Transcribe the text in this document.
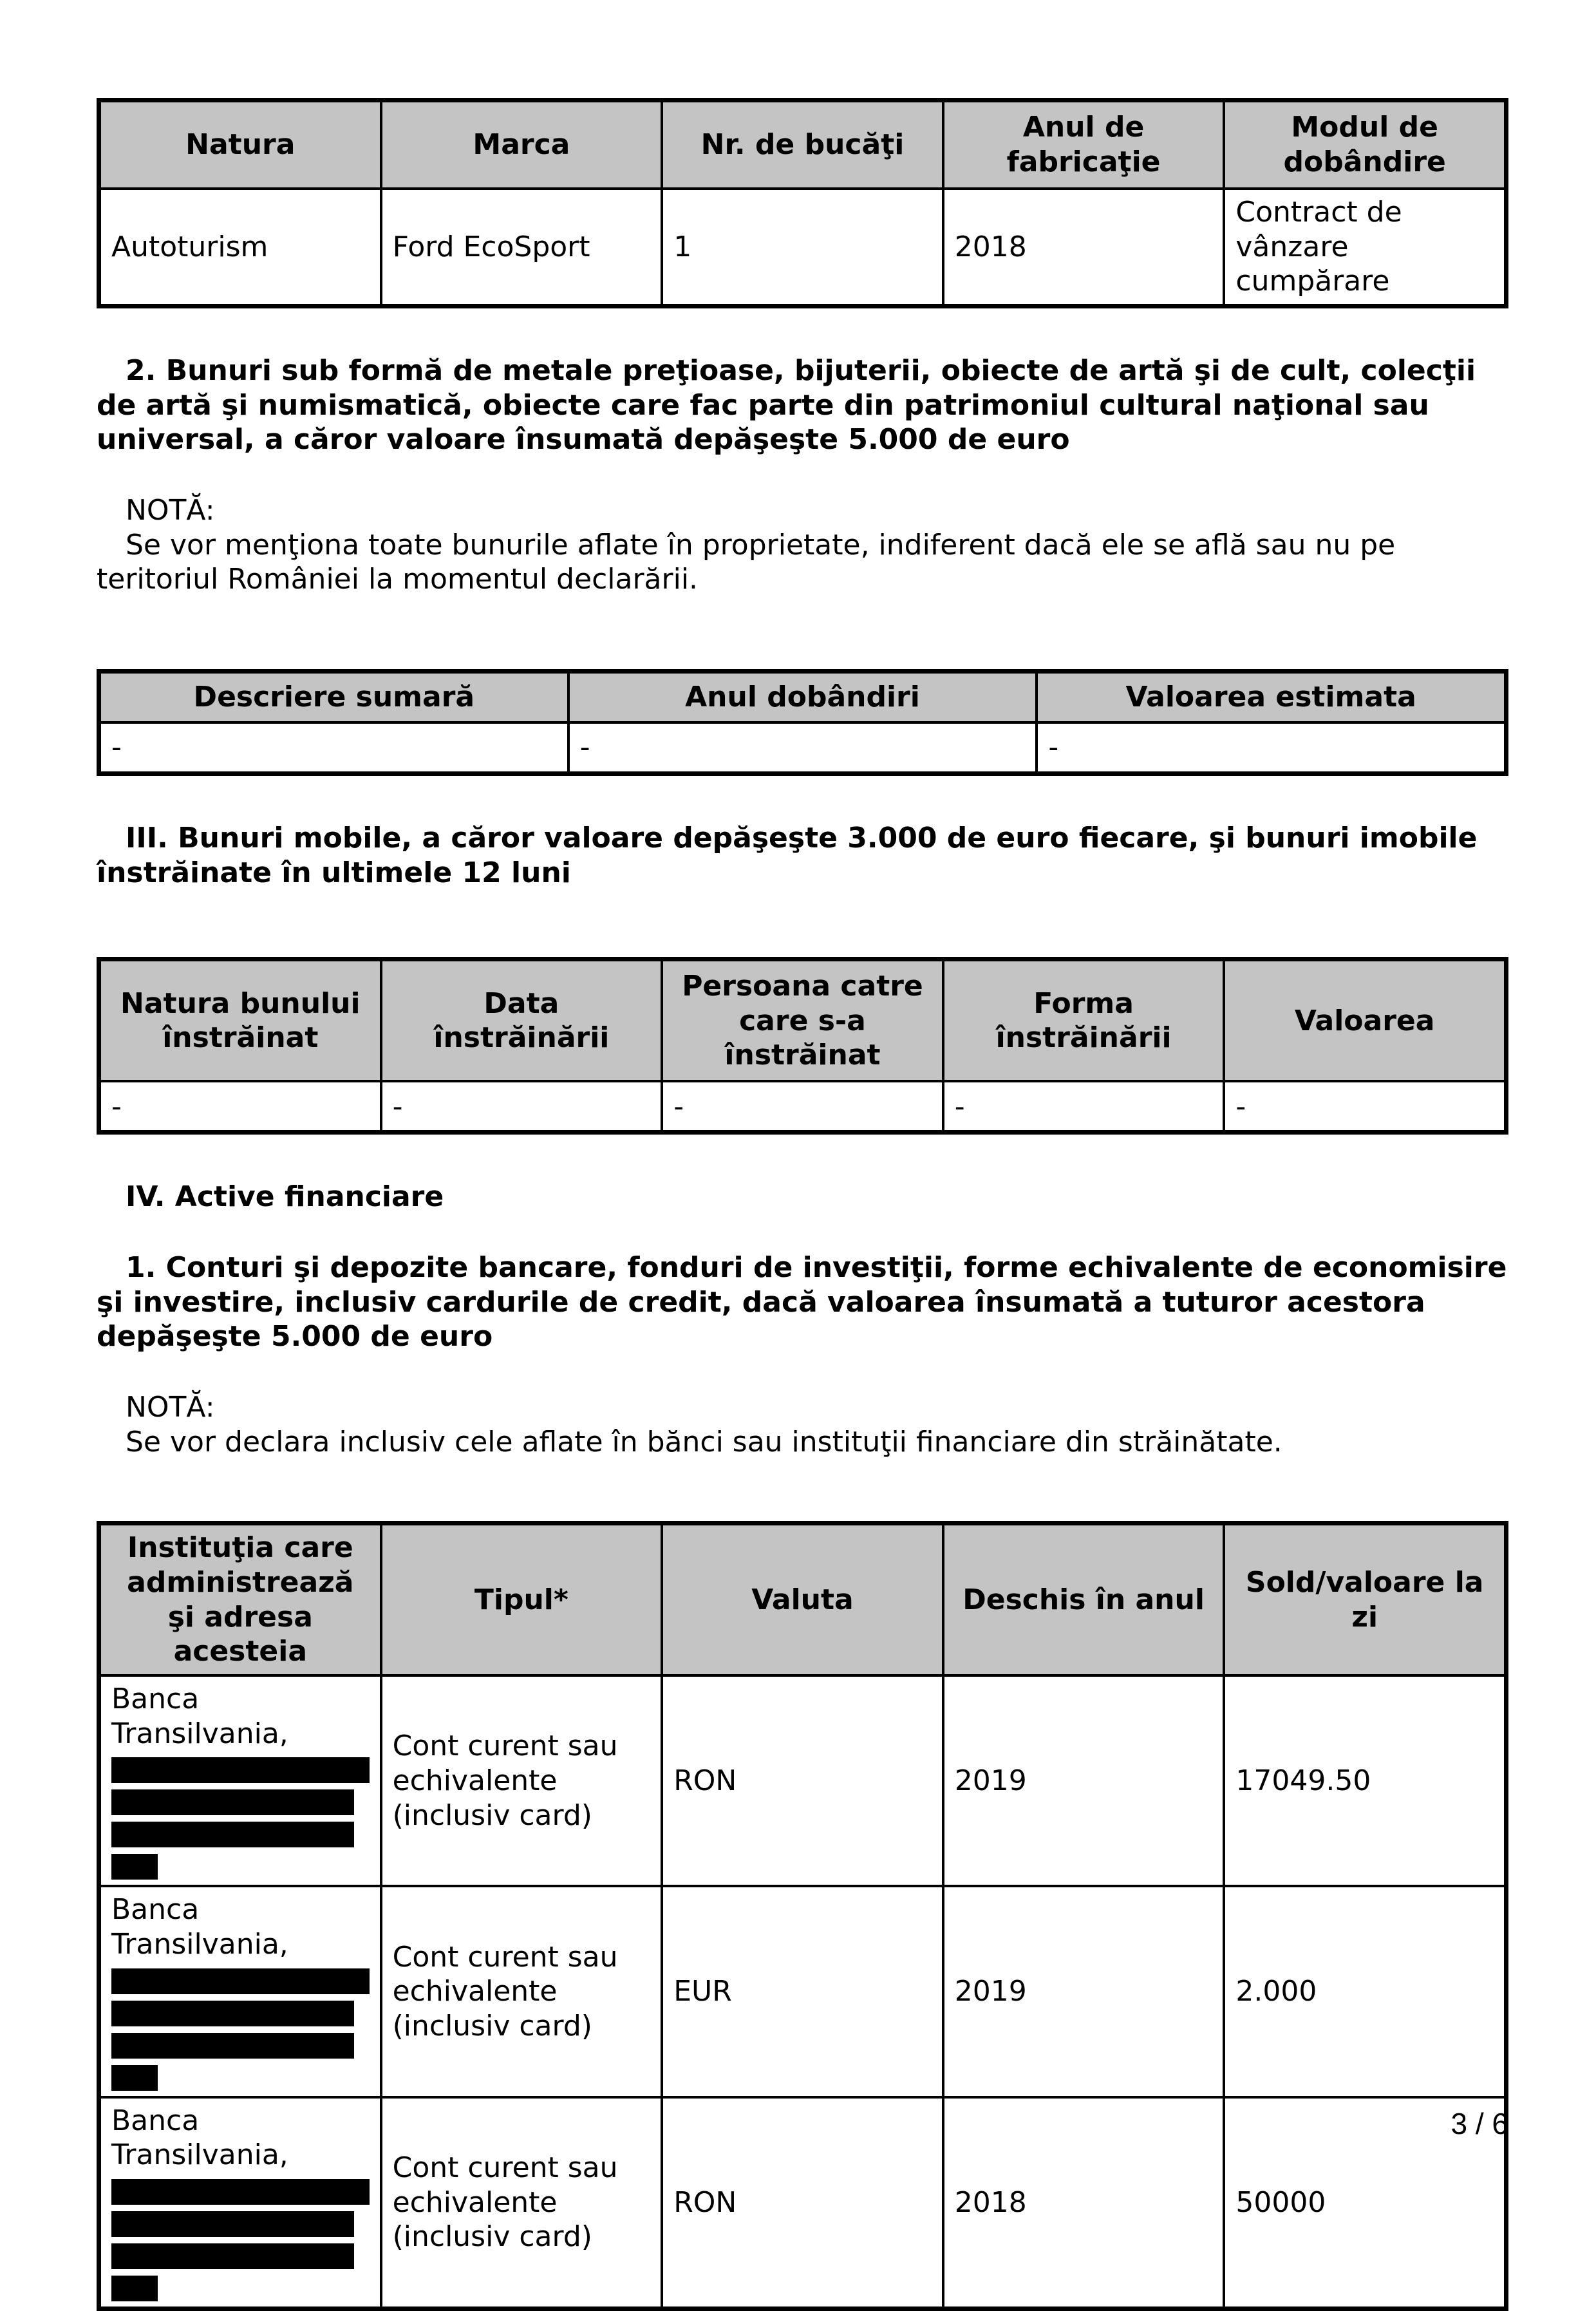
Natura	Marca	Nr. de bucăţi	Anul de fabricaţie	Modul de dobândire
Autoturism	Ford EcoSport	1	2018	Contract de vânzare cumpărare

2. Bunuri sub formă de metale preţioase, bijuterii, obiecte de artă şi de cult, colecţii de artă şi numismatică, obiecte care fac parte din patrimoniul cultural naţional sau universal, a căror valoare însumată depăşeşte 5.000 de euro

NOTĂ:

Se vor menţiona toate bunurile aflate în proprietate, indiferent dacă ele se află sau nu pe teritoriul României la momentul declarării.

Descriere sumară	Anul dobândiri	Valoarea estimata
-	-	-

III. Bunuri mobile, a căror valoare depăşeşte 3.000 de euro fiecare, şi bunuri imobile înstrăinate în ultimele 12 luni

Natura bunului înstrăinat	Data înstrăinării	Persoana catre care s-a înstrăinat	Forma înstrăinării	Valoarea
-	-	-	-	-

IV. Active financiare

1. Conturi şi depozite bancare, fonduri de investiţii, forme echivalente de economisire şi investire, inclusiv cardurile de credit, dacă valoarea însumată a tuturor acestora depăşeşte 5.000 de euro

NOTĂ:

Se vor declara inclusiv cele aflate în bănci sau instituţii financiare din străinătate.

Instituţia care administrează şi adresa acesteia	Tipul*	Valuta	Deschis în anul	Sold/valoare la zi
Banca Transilvania,	Cont curent sau echivalente (inclusiv card)	RON	2019	17049.50
Banca Transilvania,	Cont curent sau echivalente (inclusiv card)	EUR	2019	2.000
Banca Transilvania,	Cont curent sau echivalente (inclusiv card)	RON	2018	50000
3 / 6
